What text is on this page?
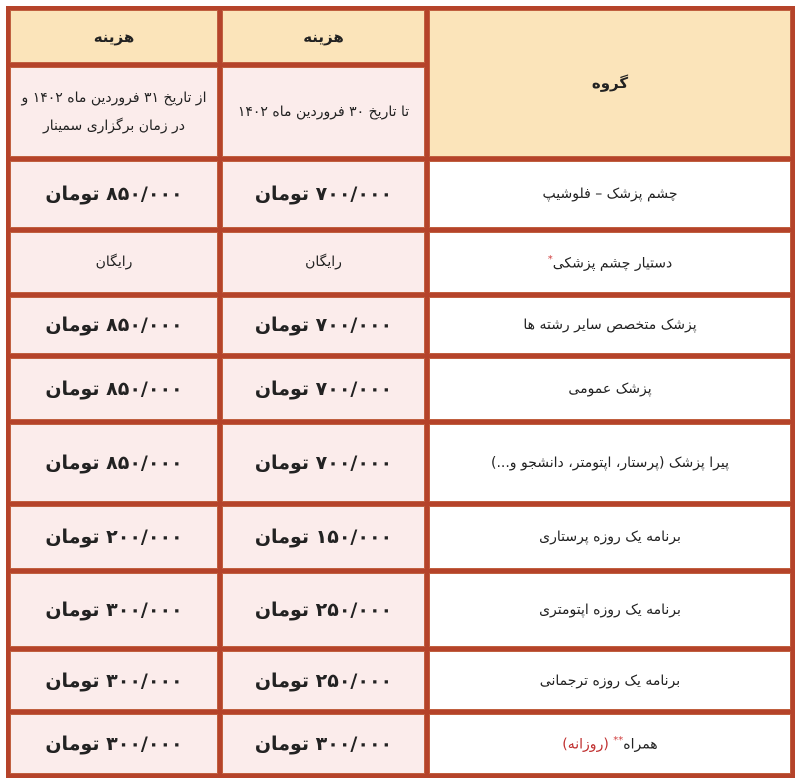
گروه	هزینه	هزینه
	تا تاریخ ۳۰ فروردین ماه ۱۴۰۲	از تاریخ ۳۱ فروردین ماه ۱۴۰۲ و در زمان برگزاری سمینار
چشم پزشک – فلوشیپ	۷۰۰/۰۰۰ تومان	۸۵۰/۰۰۰ تومان
دستیار چشم پزشکی*	رایگان	رایگان
پزشک متخصص سایر رشته ها	۷۰۰/۰۰۰ تومان	۸۵۰/۰۰۰ تومان
پزشک عمومی	۷۰۰/۰۰۰ تومان	۸۵۰/۰۰۰ تومان
پیرا پزشک (پرستار، اپتومتر، دانشجو و...)	۷۰۰/۰۰۰ تومان	۸۵۰/۰۰۰ تومان
برنامه یک روزه پرستاری	۱۵۰/۰۰۰ تومان	۲۰۰/۰۰۰ تومان
برنامه یک روزه اپتومتری	۲۵۰/۰۰۰ تومان	۳۰۰/۰۰۰ تومان
برنامه یک روزه ترجمانی	۲۵۰/۰۰۰ تومان	۳۰۰/۰۰۰ تومان
همراه** (روزانه)	۳۰۰/۰۰۰ تومان	۳۰۰/۰۰۰ تومان
